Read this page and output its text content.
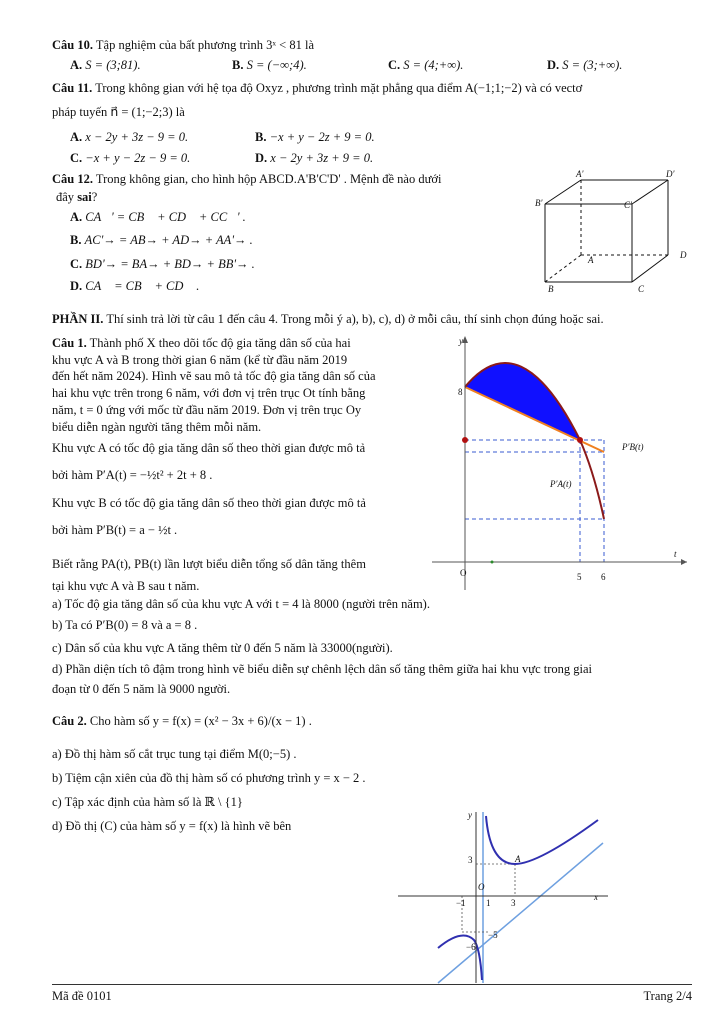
Câu 10. Tập nghiệm của bất phương trình 3ˣ < 81 là
A. S = (3;81).	B. S = (−∞;4).	C. S = (4;+∞).	D. S = (3;+∞).
Câu 11. Trong không gian với hệ tọa độ Oxyz , phương trình mặt phẳng qua điểm A(−1;1;−2) và có vectơ
pháp tuyến n⃗ = (1;−2;3) là
A. x − 2y + 3z − 9 = 0.	B. −x + y − 2z + 9 = 0.
C. −x + y − 2z − 9 = 0.	D. x − 2y + 3z + 9 = 0.
Câu 12. Trong không gian, cho hình hộp ABCD.A'B'C'D' . Mệnh đề nào dưới
đây sai?
A. CA⃗' = CB⃗ + CD⃗ + CC⃗' .
B. AC'→ = AB→ + AD→ + AA'→ .
C. BD'→ = BA→ + BD→ + BB'→ .
D. CA⃗ = CB⃗ + CD⃗ .
A'	D'
B'	C'
A	D
B	C
PHẦN II. Thí sinh trả lời từ câu 1 đến câu 4. Trong mỗi ý a), b), c), d) ở mỗi câu, thí sinh chọn đúng hoặc sai.
Câu 1. Thành phố X theo dõi tốc độ gia tăng dân số của hai
khu vực A và B trong thời gian 6 năm (kể từ đầu năm 2019
đến hết năm 2024). Hình vẽ sau mô tả tốc độ gia tăng dân số của
hai khu vực trên trong 6 năm, với đơn vị trên trục Ot tính bằng
năm, t = 0 ứng với mốc từ đầu năm 2019. Đơn vị trên trục Oy
biểu diễn ngàn người tăng thêm mỗi năm.
Khu vực A có tốc độ gia tăng dân số theo thời gian được mô tả
bởi hàm P′A(t) = −½t² + 2t + 8 .
Khu vực B có tốc độ gia tăng dân số theo thời gian được mô tả
bởi hàm P′B(t) = a − ½t .
Biết rằng PA(t), PB(t) lần lượt biểu diễn tổng số dân tăng thêm
tại khu vực A và B sau t năm.
a) Tốc độ gia tăng dân số của khu vực A với t = 4 là 8000 (người trên năm).
b) Ta có P′B(0) = 8 và a = 8 .
c) Dân số của khu vực A tăng thêm từ 0 đến 5 năm là 33000(người).
d) Phần diện tích tô đậm trong hình vẽ biểu diễn sự chênh lệch dân số tăng thêm giữa hai khu vực trong giai
đoạn từ 0 đến 5 năm là 9000 người.
y
t
O
8
5 6
P′B(t)
P′A(t)
Câu 2. Cho hàm số y = f(x) = (x² − 3x + 6)/(x − 1) .
a) Đồ thị hàm số cắt trục tung tại điểm M(0;−5) .
b) Tiệm cận xiên của đồ thị hàm số có phương trình y = x − 2 .
c) Tập xác định của hàm số là ℝ \ {1}
d) Đồ thị (C) của hàm số y = f(x) là hình vẽ bên
y
x
O
3
−1 1 3
−5
−6
A
Mã đề 0101	Trang 2/4
